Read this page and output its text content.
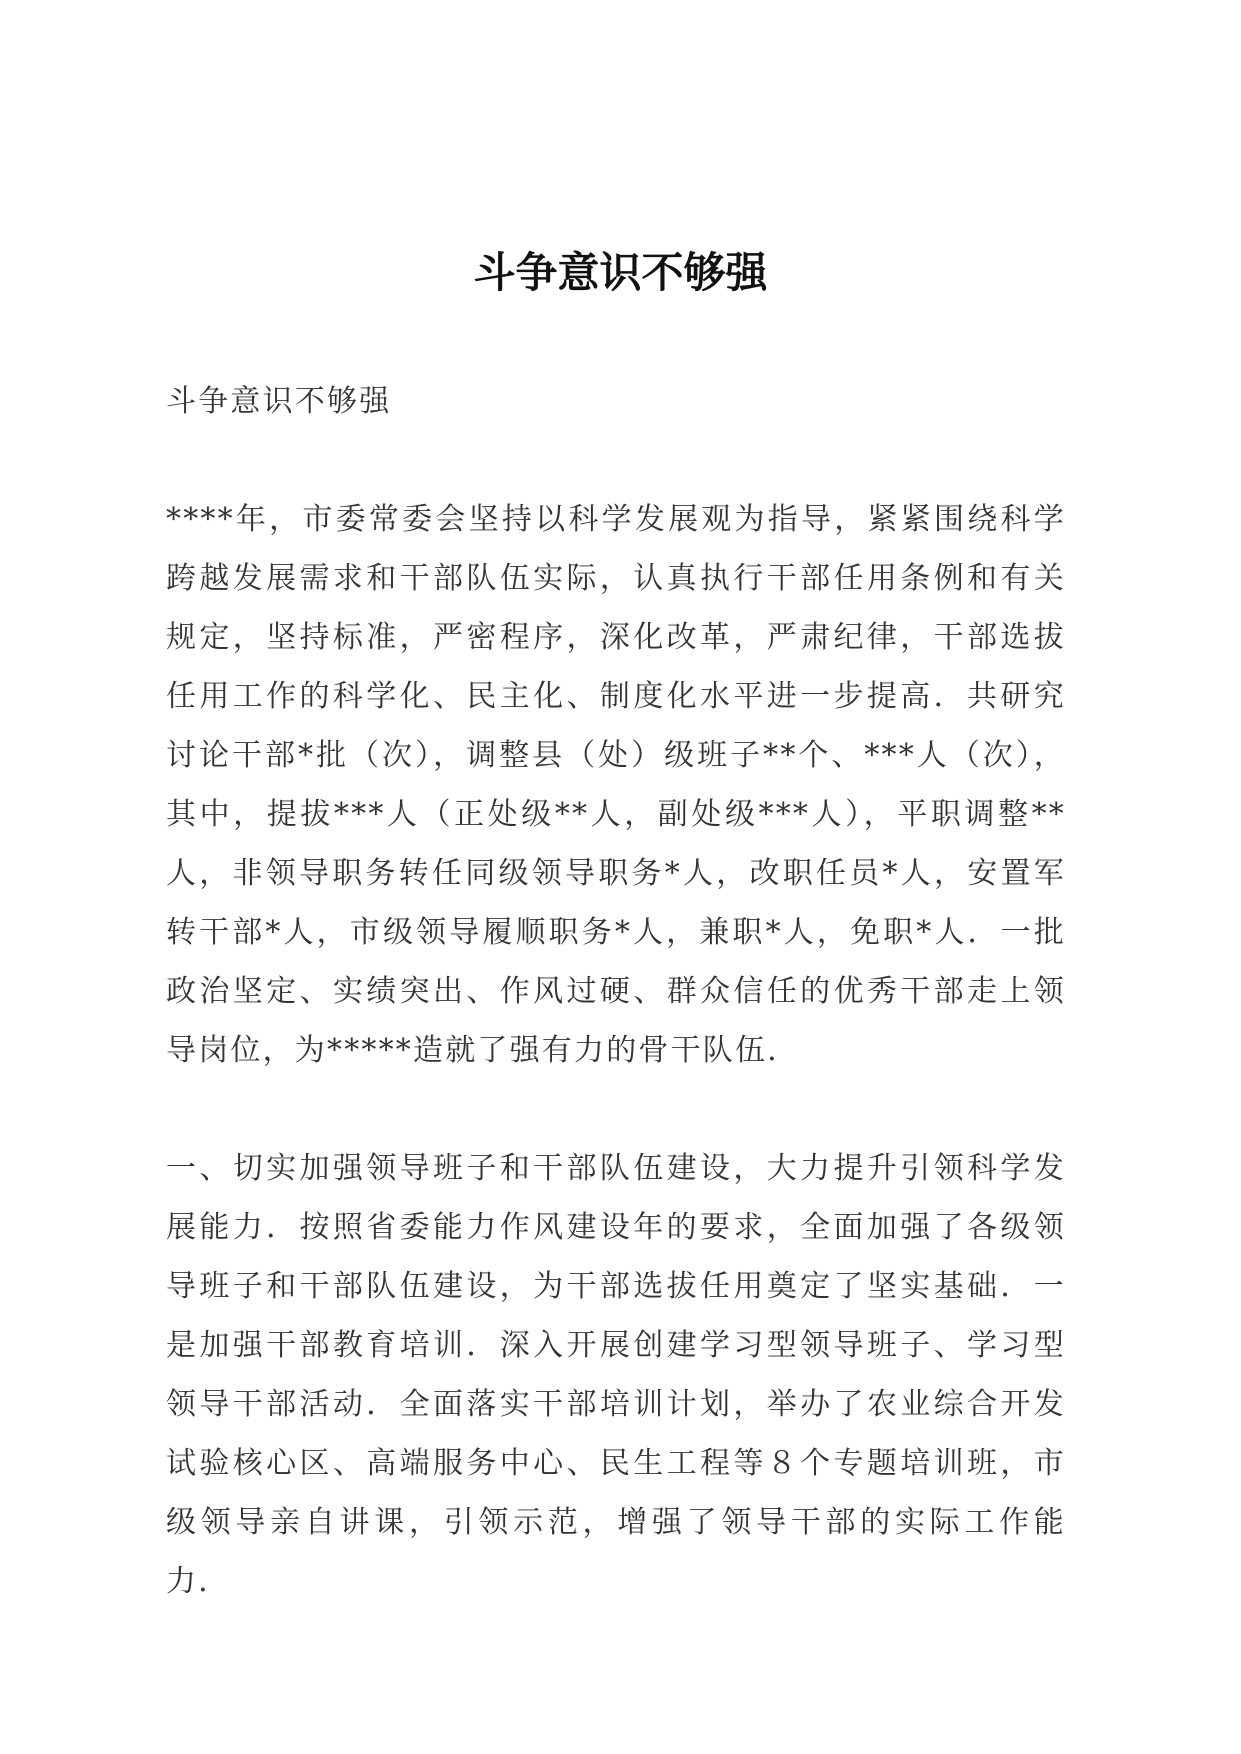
斗争意识不够强

斗争意识不够强

****年，市委常委会坚持以科学发展观为指导，紧紧围绕科学跨越发展需求和干部队伍实际，认真执行干部任用条例和有关规定，坚持标准，严密程序，深化改革，严肃纪律，干部选拔任用工作的科学化、民主化、制度化水平进一步提高．共研究讨论干部*批（次），调整县（处）级班子**个、***人（次），其中，提拔***人（正处级**人，副处级***人），平职调整**人，非领导职务转任同级领导职务*人，改职任员*人，安置军转干部*人，市级领导履顺职务*人，兼职*人，免职*人．一批政治坚定、实绩突出、作风过硬、群众信任的优秀干部走上领导岗位，为*****造就了强有力的骨干队伍．

一、切实加强领导班子和干部队伍建设，大力提升引领科学发展能力．按照省委能力作风建设年的要求，全面加强了各级领导班子和干部队伍建设，为干部选拔任用奠定了坚实基础．一是加强干部教育培训．深入开展创建学习型领导班子、学习型领导干部活动．全面落实干部培训计划，举办了农业综合开发试验核心区、高端服务中心、民生工程等８个专题培训班，市级领导亲自讲课，引领示范，增强了领导干部的实际工作能力．
